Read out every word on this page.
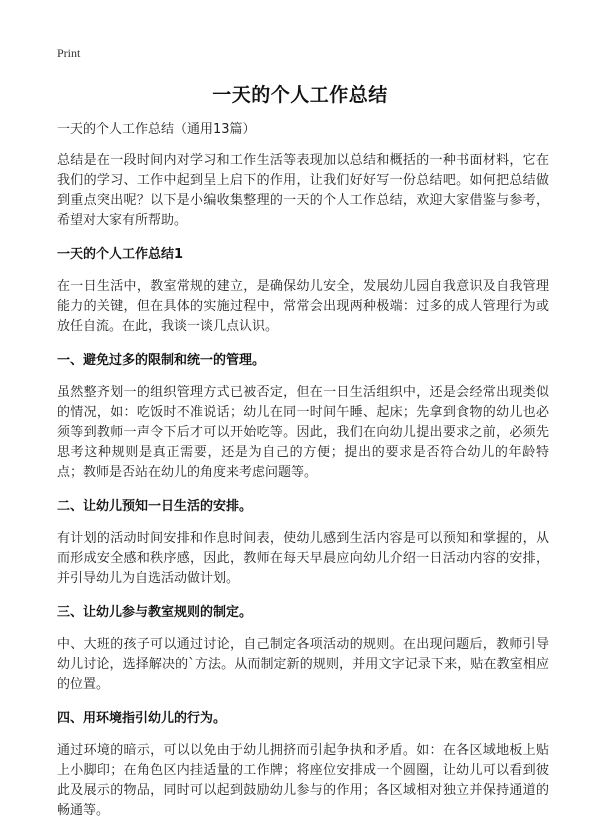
Print
一天的个人工作总结

一天的个人工作总结（通用13篇）

总结是在一段时间内对学习和工作生活等表现加以总结和概括的一种书面材料，它在我们的学习、工作中起到呈上启下的作用，让我们好好写一份总结吧。如何把总结做到重点突出呢？以下是小编收集整理的一天的个人工作总结，欢迎大家借鉴与参考，希望对大家有所帮助。

一天的个人工作总结1

在一日生活中，教室常规的建立，是确保幼儿安全，发展幼儿园自我意识及自我管理能力的关键，但在具体的实施过程中，常常会出现两种极端：过多的成人管理行为或放任自流。在此，我谈一谈几点认识。

一、避免过多的限制和统一的管理。

虽然整齐划一的组织管理方式已被否定，但在一日生活组织中，还是会经常出现类似的情况，如：吃饭时不准说话；幼儿在同一时间午睡、起床；先拿到食物的幼儿也必须等到教师一声令下后才可以开始吃等。因此，我们在向幼儿提出要求之前，必须先思考这种规则是真正需要，还是为自己的方便；提出的要求是否符合幼儿的年龄特点；教师是否站在幼儿的角度来考虑问题等。

二、让幼儿预知一日生活的安排。

有计划的活动时间安排和作息时间表，使幼儿感到生活内容是可以预知和掌握的，从而形成安全感和秩序感，因此，教师在每天早晨应向幼儿介绍一日活动内容的安排，并引导幼儿为自选活动做计划。

三、让幼儿参与教室规则的制定。

中、大班的孩子可以通过讨论，自己制定各项活动的规则。在出现问题后，教师引导幼儿讨论，选择解决的`方法。从而制定新的规则，并用文字记录下来，贴在教室相应的位置。

四、用环境指引幼儿的行为。

通过环境的暗示，可以以免由于幼儿拥挤而引起争执和矛盾。如：在各区域地板上贴上小脚印；在角色区内挂适量的工作牌；将座位安排成一个圆圈，让幼儿可以看到彼此及展示的物品，同时可以起到鼓励幼儿参与的作用；各区域相对独立并保持通道的畅通等。
